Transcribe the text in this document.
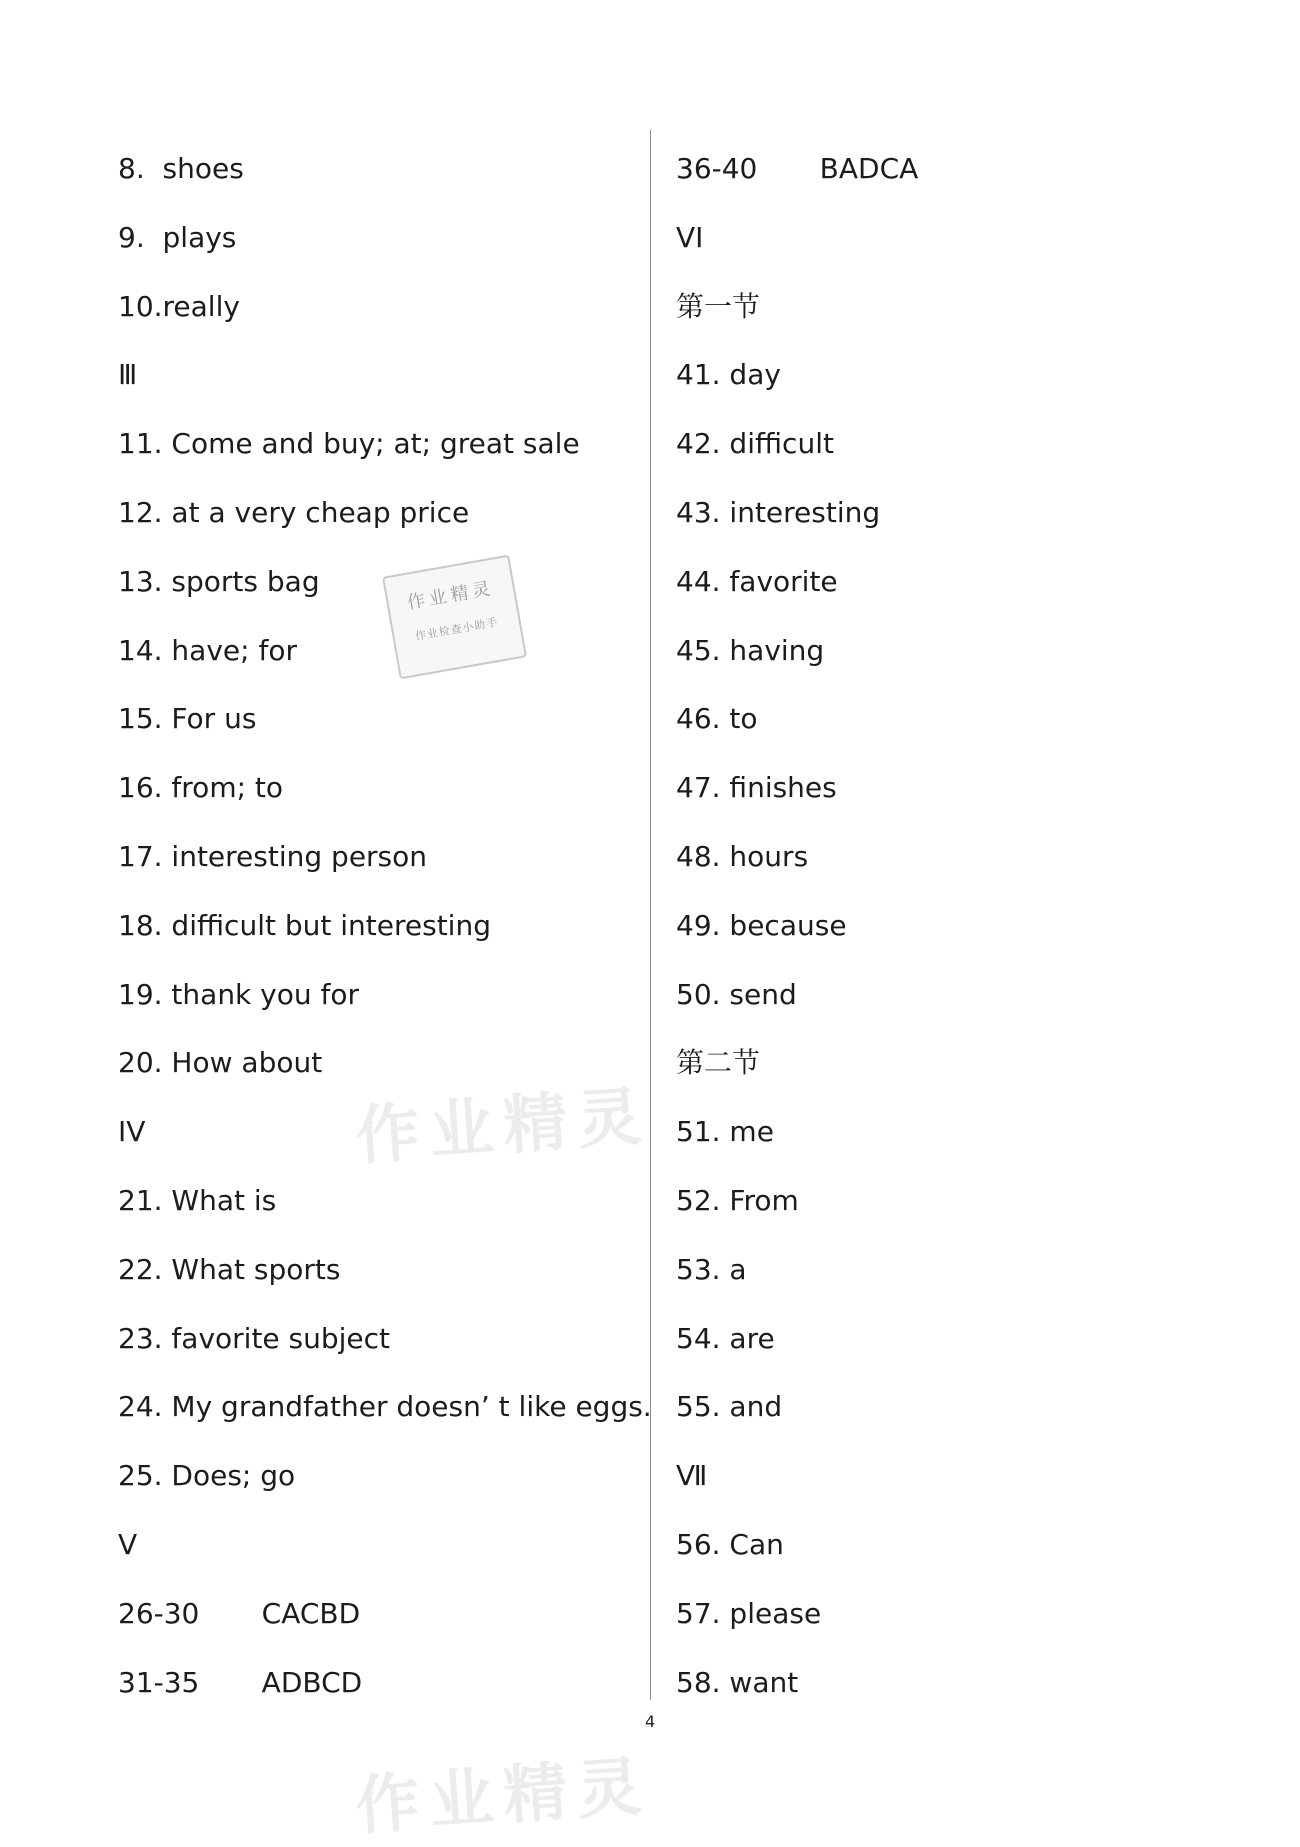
作业精灵
作业检查小助手
作业精灵
作业精灵
8.  shoes
9.  plays
10.really
Ⅲ
11. Come and buy; at; great sale
12. at a very cheap price
13. sports bag
14. have; for
15. For us
16. from; to
17. interesting person
18. difficult but interesting
19. thank you for
20. How about
IV
21. What is
22. What sports
23. favorite subject
24. My grandfather doesn’ t like eggs.
25. Does; go
Ⅴ
26-30       CACBD
31-35       ADBCD
36-40       BADCA
VI
第一节
41. day
42. difficult
43. interesting
44. favorite
45. having
46. to
47. finishes
48. hours
49. because
50. send
第二节
51. me
52. From
53. a
54. are
55. and
Ⅶ
56. Can
57. please
58. want
4
